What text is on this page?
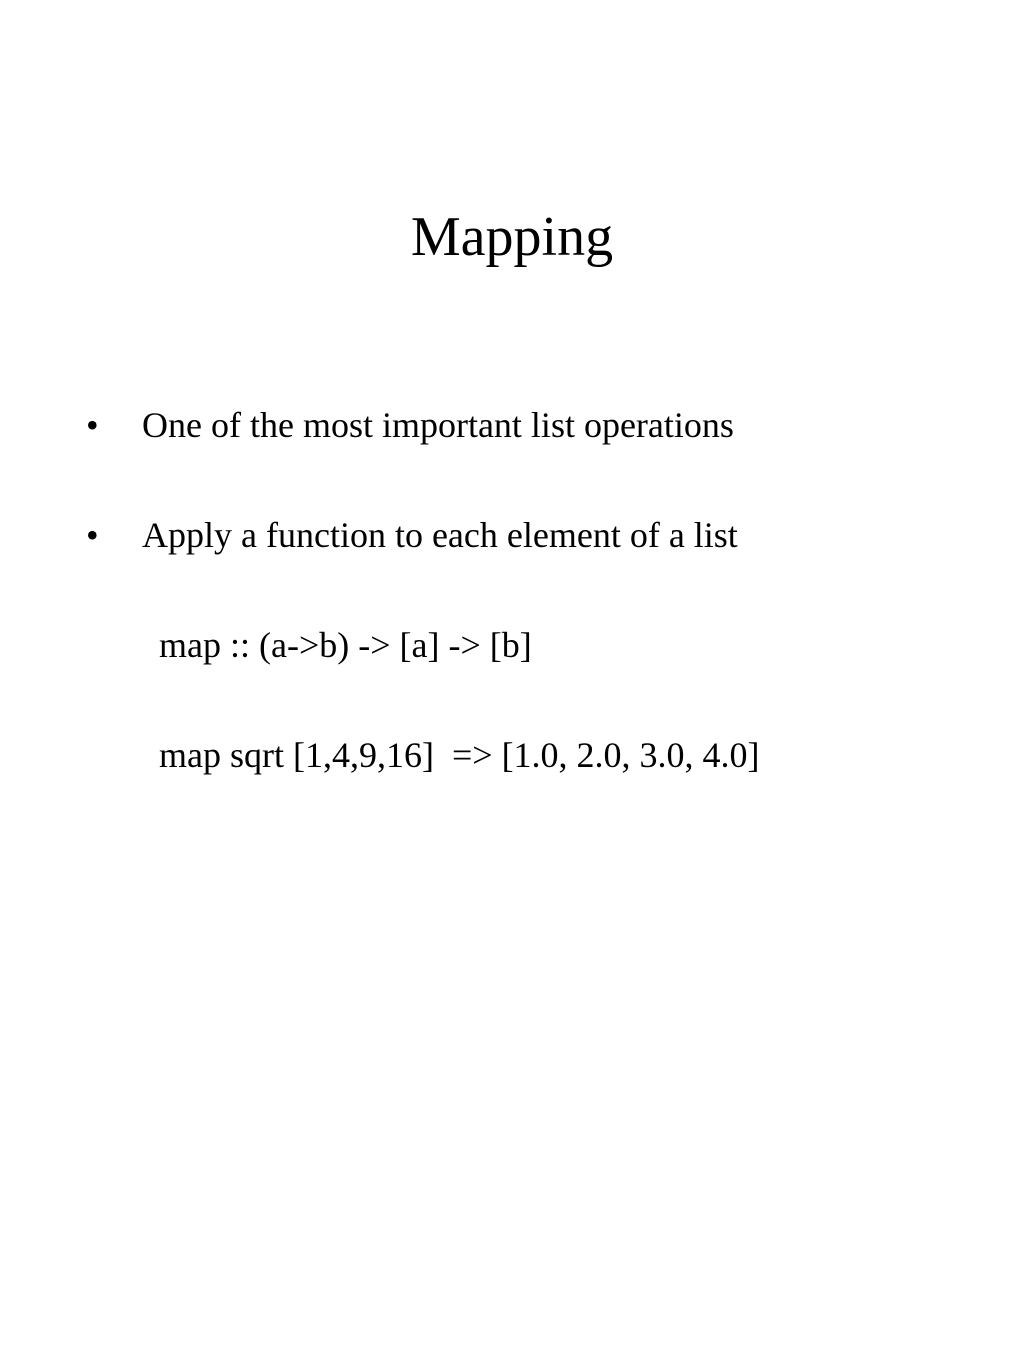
Mapping
• One of the most important list operations
• Apply a function to each element of a list
map :: (a->b) -> [a] -> [b]
map sqrt [1,4,9,16]  => [1.0, 2.0, 3.0, 4.0]
